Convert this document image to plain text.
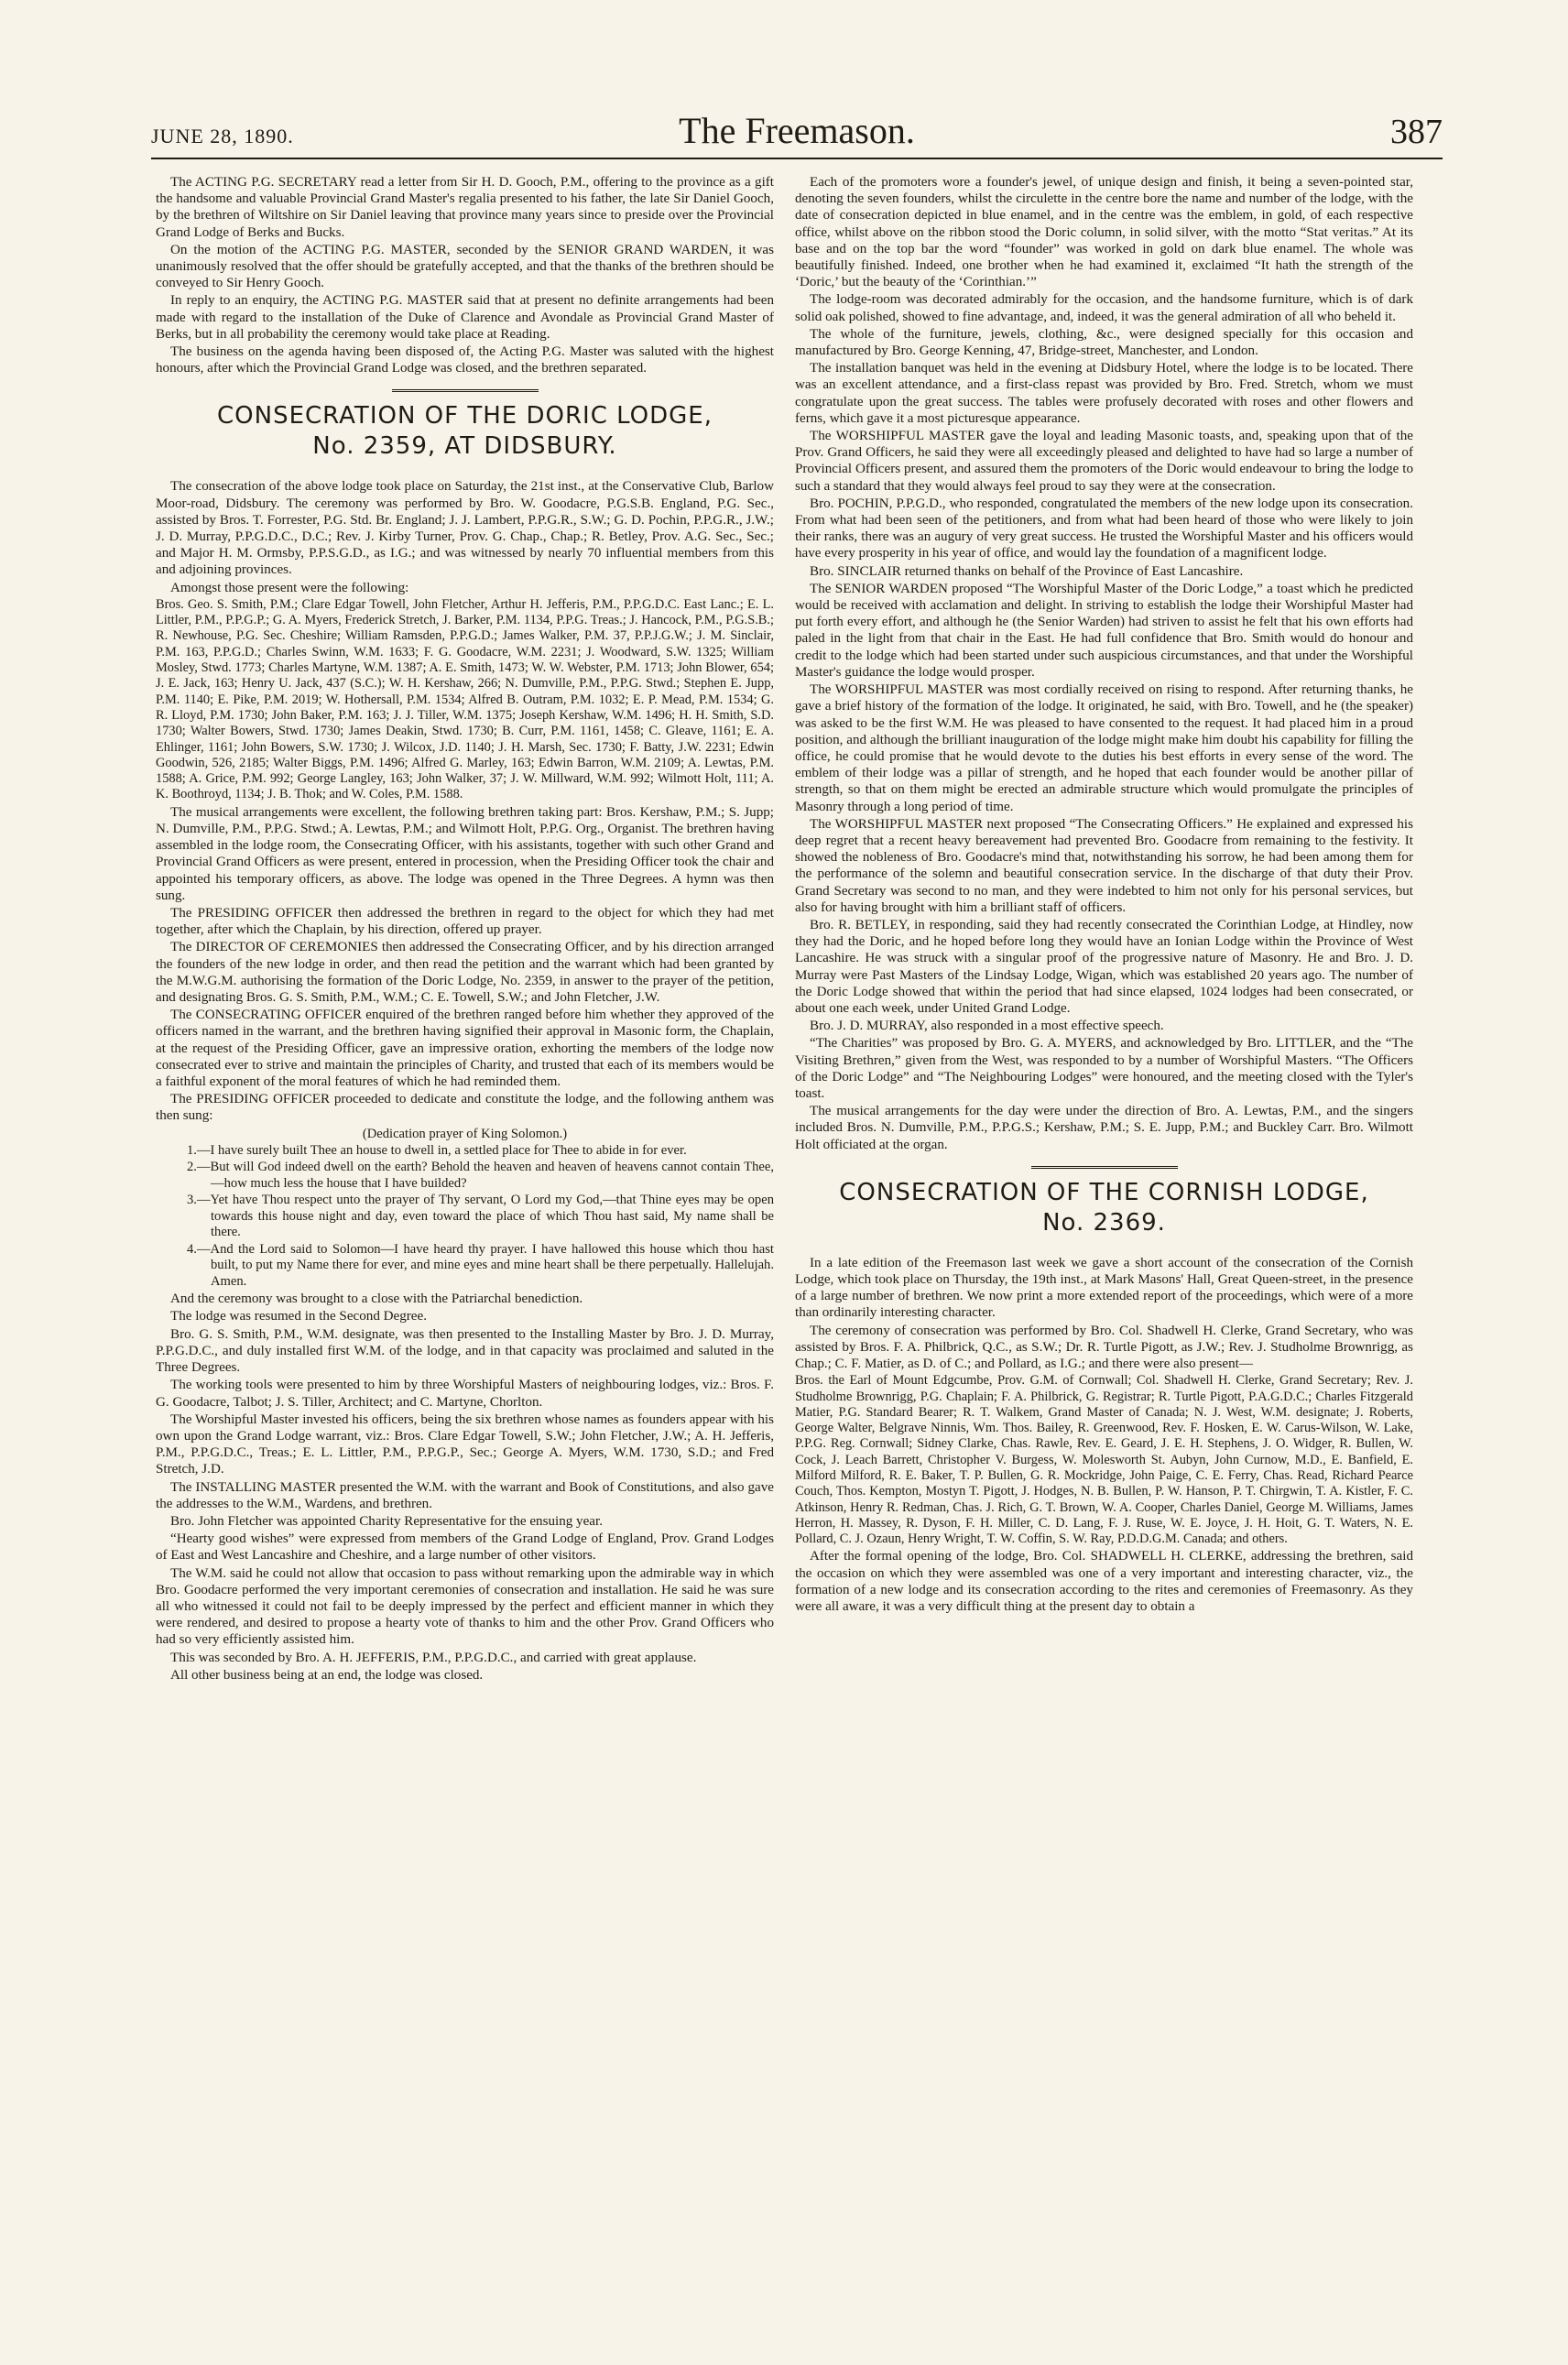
JUNE 28, 1890.	The Freemason.	387

The ACTING P.G. SECRETARY read a letter from Sir H. D. Gooch, P.M., offering to the province as a gift the handsome and valuable Provincial Grand Master's regalia presented to his father, the late Sir Daniel Gooch, by the brethren of Wiltshire on Sir Daniel leaving that province many years since to preside over the Provincial Grand Lodge of Berks and Bucks.

On the motion of the ACTING P.G. MASTER, seconded by the SENIOR GRAND WARDEN, it was unanimously resolved that the offer should be gratefully accepted, and that the thanks of the brethren should be conveyed to Sir Henry Gooch.

In reply to an enquiry, the ACTING P.G. MASTER said that at present no definite arrangements had been made with regard to the installation of the Duke of Clarence and Avondale as Provincial Grand Master of Berks, but in all probability the ceremony would take place at Reading.

The business on the agenda having been disposed of, the Acting P.G. Master was saluted with the highest honours, after which the Provincial Grand Lodge was closed, and the brethren separated.

CONSECRATION OF THE DORIC LODGE,
No. 2359, AT DIDSBURY.

The consecration of the above lodge took place on Saturday, the 21st inst., at the Conservative Club, Barlow Moor-road, Didsbury. The ceremony was performed by Bro. W. Goodacre, P.G.S.B. England, P.G. Sec., assisted by Bros. T. Forrester, P.G. Std. Br. England; J. J. Lambert, P.P.G.R., S.W.; G. D. Pochin, P.P.G.R., J.W.; J. D. Murray, P.P.G.D.C., D.C.; Rev. J. Kirby Turner, Prov. G. Chap., Chap.; R. Betley, Prov. A.G. Sec., Sec.; and Major H. M. Ormsby, P.P.S.G.D., as I.G.; and was witnessed by nearly 70 influential members from this and adjoining provinces.

Amongst those present were the following:

Bros. Geo. S. Smith, P.M.; Clare Edgar Towell, John Fletcher, Arthur H. Jefferis, P.M., P.P.G.D.C. East Lanc.; E. L. Littler, P.M., P.P.G.P.; G. A. Myers, Frederick Stretch, J. Barker, P.M. 1134, P.P.G. Treas.; J. Hancock, P.M., P.G.S.B.; R. Newhouse, P.G. Sec. Cheshire; William Ramsden, P.P.G.D.; James Walker, P.M. 37, P.P.J.G.W.; J. M. Sinclair, P.M. 163, P.P.G.D.; Charles Swinn, W.M. 1633; F. G. Goodacre, W.M. 2231; J. Woodward, S.W. 1325; William Mosley, Stwd. 1773; Charles Martyne, W.M. 1387; A. E. Smith, 1473; W. W. Webster, P.M. 1713; John Blower, 654; J. E. Jack, 163; Henry U. Jack, 437 (S.C.); W. H. Kershaw, 266; N. Dumville, P.M., P.P.G. Stwd.; Stephen E. Jupp, P.M. 1140; E. Pike, P.M. 2019; W. Hothersall, P.M. 1534; Alfred B. Outram, P.M. 1032; E. P. Mead, P.M. 1534; G. R. Lloyd, P.M. 1730; John Baker, P.M. 163; J. J. Tiller, W.M. 1375; Joseph Kershaw, W.M. 1496; H. H. Smith, S.D. 1730; Walter Bowers, Stwd. 1730; James Deakin, Stwd. 1730; B. Curr, P.M. 1161, 1458; C. Gleave, 1161; E. A. Ehlinger, 1161; John Bowers, S.W. 1730; J. Wilcox, J.D. 1140; J. H. Marsh, Sec. 1730; F. Batty, J.W. 2231; Edwin Goodwin, 526, 2185; Walter Biggs, P.M. 1496; Alfred G. Marley, 163; Edwin Barron, W.M. 2109; A. Lewtas, P.M. 1588; A. Grice, P.M. 992; George Langley, 163; John Walker, 37; J. W. Millward, W.M. 992; Wilmott Holt, 111; A. K. Boothroyd, 1134; J. B. Thok; and W. Coles, P.M. 1588.

The musical arrangements were excellent, the following brethren taking part: Bros. Kershaw, P.M.; S. Jupp; N. Dumville, P.M., P.P.G. Stwd.; A. Lewtas, P.M.; and Wilmott Holt, P.P.G. Org., Organist. The brethren having assembled in the lodge room, the Consecrating Officer, with his assistants, together with such other Grand and Provincial Grand Officers as were present, entered in procession, when the Presiding Officer took the chair and appointed his temporary officers, as above. The lodge was opened in the Three Degrees. A hymn was then sung.

The PRESIDING OFFICER then addressed the brethren in regard to the object for which they had met together, after which the Chaplain, by his direction, offered up prayer.

The DIRECTOR OF CEREMONIES then addressed the Consecrating Officer, and by his direction arranged the founders of the new lodge in order, and then read the petition and the warrant which had been granted by the M.W.G.M. authorising the formation of the Doric Lodge, No. 2359, in answer to the prayer of the petition, and designating Bros. G. S. Smith, P.M., W.M.; C. E. Towell, S.W.; and John Fletcher, J.W.

The CONSECRATING OFFICER enquired of the brethren ranged before him whether they approved of the officers named in the warrant, and the brethren having signified their approval in Masonic form, the Chaplain, at the request of the Presiding Officer, gave an impressive oration, exhorting the members of the lodge now consecrated ever to strive and maintain the principles of Charity, and trusted that each of its members would be a faithful exponent of the moral features of which he had reminded them.

The PRESIDING OFFICER proceeded to dedicate and constitute the lodge, and the following anthem was then sung:

(Dedication prayer of King Solomon.)

1.—I have surely built Thee an house to dwell in, a settled place for Thee to abide in for ever.

2.—But will God indeed dwell on the earth? Behold the heaven and heaven of heavens cannot contain Thee,—how much less the house that I have builded?

3.—Yet have Thou respect unto the prayer of Thy servant, O Lord my God,—that Thine eyes may be open towards this house night and day, even toward the place of which Thou hast said, My name shall be there.

4.—And the Lord said to Solomon—I have heard thy prayer. I have hallowed this house which thou hast built, to put my Name there for ever, and mine eyes and mine heart shall be there perpetually. Hallelujah. Amen.

And the ceremony was brought to a close with the Patriarchal benediction.

The lodge was resumed in the Second Degree.

Bro. G. S. Smith, P.M., W.M. designate, was then presented to the Installing Master by Bro. J. D. Murray, P.P.G.D.C., and duly installed first W.M. of the lodge, and in that capacity was proclaimed and saluted in the Three Degrees.

The working tools were presented to him by three Worshipful Masters of neighbouring lodges, viz.: Bros. F. G. Goodacre, Talbot; J. S. Tiller, Architect; and C. Martyne, Chorlton.

The Worshipful Master invested his officers, being the six brethren whose names as founders appear with his own upon the Grand Lodge warrant, viz.: Bros. Clare Edgar Towell, S.W.; John Fletcher, J.W.; A. H. Jefferis, P.M., P.P.G.D.C., Treas.; E. L. Littler, P.M., P.P.G.P., Sec.; George A. Myers, W.M. 1730, S.D.; and Fred Stretch, J.D.

The INSTALLING MASTER presented the W.M. with the warrant and Book of Constitutions, and also gave the addresses to the W.M., Wardens, and brethren.

Bro. John Fletcher was appointed Charity Representative for the ensuing year.

“Hearty good wishes” were expressed from members of the Grand Lodge of England, Prov. Grand Lodges of East and West Lancashire and Cheshire, and a large number of other visitors.

The W.M. said he could not allow that occasion to pass without remarking upon the admirable way in which Bro. Goodacre performed the very important ceremonies of consecration and installation. He said he was sure all who witnessed it could not fail to be deeply impressed by the perfect and efficient manner in which they were rendered, and desired to propose a hearty vote of thanks to him and the other Prov. Grand Officers who had so very efficiently assisted him.

This was seconded by Bro. A. H. JEFFERIS, P.M., P.P.G.D.C., and carried with great applause.

All other business being at an end, the lodge was closed.

Each of the promoters wore a founder's jewel, of unique design and finish, it being a seven-pointed star, denoting the seven founders, whilst the circulette in the centre bore the name and number of the lodge, with the date of consecration depicted in blue enamel, and in the centre was the emblem, in gold, of each respective office, whilst above on the ribbon stood the Doric column, in solid silver, with the motto “Stat veritas.” At its base and on the top bar the word “founder” was worked in gold on dark blue enamel. The whole was beautifully finished. Indeed, one brother when he had examined it, exclaimed “It hath the strength of the ‘Doric,’ but the beauty of the ‘Corinthian.’”

The lodge-room was decorated admirably for the occasion, and the handsome furniture, which is of dark solid oak polished, showed to fine advantage, and, indeed, it was the general admiration of all who beheld it.

The whole of the furniture, jewels, clothing, &c., were designed specially for this occasion and manufactured by Bro. George Kenning, 47, Bridge-street, Manchester, and London.

The installation banquet was held in the evening at Didsbury Hotel, where the lodge is to be located. There was an excellent attendance, and a first-class repast was provided by Bro. Fred. Stretch, whom we must congratulate upon the great success. The tables were profusely decorated with roses and other flowers and ferns, which gave it a most picturesque appearance.

The WORSHIPFUL MASTER gave the loyal and leading Masonic toasts, and, speaking upon that of the Prov. Grand Officers, he said they were all exceedingly pleased and delighted to have had so large a number of Provincial Officers present, and assured them the promoters of the Doric would endeavour to bring the lodge to such a standard that they would always feel proud to say they were at the consecration.

Bro. POCHIN, P.P.G.D., who responded, congratulated the members of the new lodge upon its consecration. From what had been seen of the petitioners, and from what had been heard of those who were likely to join their ranks, there was an augury of very great success. He trusted the Worshipful Master and his officers would have every prosperity in his year of office, and would lay the foundation of a magnificent lodge.

Bro. SINCLAIR returned thanks on behalf of the Province of East Lancashire.

The SENIOR WARDEN proposed “The Worshipful Master of the Doric Lodge,” a toast which he predicted would be received with acclamation and delight. In striving to establish the lodge their Worshipful Master had put forth every effort, and although he (the Senior Warden) had striven to assist he felt that his own efforts had paled in the light from that chair in the East. He had full confidence that Bro. Smith would do honour and credit to the lodge which had been started under such auspicious circumstances, and that under the Worshipful Master's guidance the lodge would prosper.

The WORSHIPFUL MASTER was most cordially received on rising to respond. After returning thanks, he gave a brief history of the formation of the lodge. It originated, he said, with Bro. Towell, and he (the speaker) was asked to be the first W.M. He was pleased to have consented to the request. It had placed him in a proud position, and although the brilliant inauguration of the lodge might make him doubt his capability for filling the office, he could promise that he would devote to the duties his best efforts in every sense of the word. The emblem of their lodge was a pillar of strength, and he hoped that each founder would be another pillar of strength, so that on them might be erected an admirable structure which would promulgate the principles of Masonry through a long period of time.

The WORSHIPFUL MASTER next proposed “The Consecrating Officers.” He explained and expressed his deep regret that a recent heavy bereavement had prevented Bro. Goodacre from remaining to the festivity. It showed the nobleness of Bro. Goodacre's mind that, notwithstanding his sorrow, he had been among them for the performance of the solemn and beautiful consecration service. In the discharge of that duty their Prov. Grand Secretary was second to no man, and they were indebted to him not only for his personal services, but also for having brought with him a brilliant staff of officers.

Bro. R. BETLEY, in responding, said they had recently consecrated the Corinthian Lodge, at Hindley, now they had the Doric, and he hoped before long they would have an Ionian Lodge within the Province of West Lancashire. He was struck with a singular proof of the progressive nature of Masonry. He and Bro. J. D. Murray were Past Masters of the Lindsay Lodge, Wigan, which was established 20 years ago. The number of the Doric Lodge showed that within the period that had since elapsed, 1024 lodges had been consecrated, or about one each week, under United Grand Lodge.

Bro. J. D. MURRAY, also responded in a most effective speech.

“The Charities” was proposed by Bro. G. A. MYERS, and acknowledged by Bro. LITTLER, and the “The Visiting Brethren,” given from the West, was responded to by a number of Worshipful Masters. “The Officers of the Doric Lodge” and “The Neighbouring Lodges” were honoured, and the meeting closed with the Tyler's toast.

The musical arrangements for the day were under the direction of Bro. A. Lewtas, P.M., and the singers included Bros. N. Dumville, P.M., P.P.G.S.; Kershaw, P.M.; S. E. Jupp, P.M.; and Buckley Carr. Bro. Wilmott Holt officiated at the organ.

CONSECRATION OF THE CORNISH LODGE,
No. 2369.

In a late edition of the Freemason last week we gave a short account of the consecration of the Cornish Lodge, which took place on Thursday, the 19th inst., at Mark Masons' Hall, Great Queen-street, in the presence of a large number of brethren. We now print a more extended report of the proceedings, which were of a more than ordinarily interesting character.

The ceremony of consecration was performed by Bro. Col. Shadwell H. Clerke, Grand Secretary, who was assisted by Bros. F. A. Philbrick, Q.C., as S.W.; Dr. R. Turtle Pigott, as J.W.; Rev. J. Studholme Brownrigg, as Chap.; C. F. Matier, as D. of C.; and Pollard, as I.G.; and there were also present—

Bros. the Earl of Mount Edgcumbe, Prov. G.M. of Cornwall; Col. Shadwell H. Clerke, Grand Secretary; Rev. J. Studholme Brownrigg, P.G. Chaplain; F. A. Philbrick, G. Registrar; R. Turtle Pigott, P.A.G.D.C.; Charles Fitzgerald Matier, P.G. Standard Bearer; R. T. Walkem, Grand Master of Canada; N. J. West, W.M. designate; J. Roberts, George Walter, Belgrave Ninnis, Wm. Thos. Bailey, R. Greenwood, Rev. F. Hosken, E. W. Carus-Wilson, W. Lake, P.P.G. Reg. Cornwall; Sidney Clarke, Chas. Rawle, Rev. E. Geard, J. E. H. Stephens, J. O. Widger, R. Bullen, W. Cock, J. Leach Barrett, Christopher V. Burgess, W. Molesworth St. Aubyn, John Curnow, M.D., E. Banfield, E. Milford Milford, R. E. Baker, T. P. Bullen, G. R. Mockridge, John Paige, C. E. Ferry, Chas. Read, Richard Pearce Couch, Thos. Kempton, Mostyn T. Pigott, J. Hodges, N. B. Bullen, P. W. Hanson, P. T. Chirgwin, T. A. Kistler, F. C. Atkinson, Henry R. Redman, Chas. J. Rich, G. T. Brown, W. A. Cooper, Charles Daniel, George M. Williams, James Herron, H. Massey, R. Dyson, F. H. Miller, C. D. Lang, F. J. Ruse, W. E. Joyce, J. H. Hoit, G. T. Waters, N. E. Pollard, C. J. Ozaun, Henry Wright, T. W. Coffin, S. W. Ray, P.D.D.G.M. Canada; and others.

After the formal opening of the lodge, Bro. Col. SHADWELL H. CLERKE, addressing the brethren, said the occasion on which they were assembled was one of a very important and interesting character, viz., the formation of a new lodge and its consecration according to the rites and ceremonies of Freemasonry. As they were all aware, it was a very difficult thing at the present day to obtain a
